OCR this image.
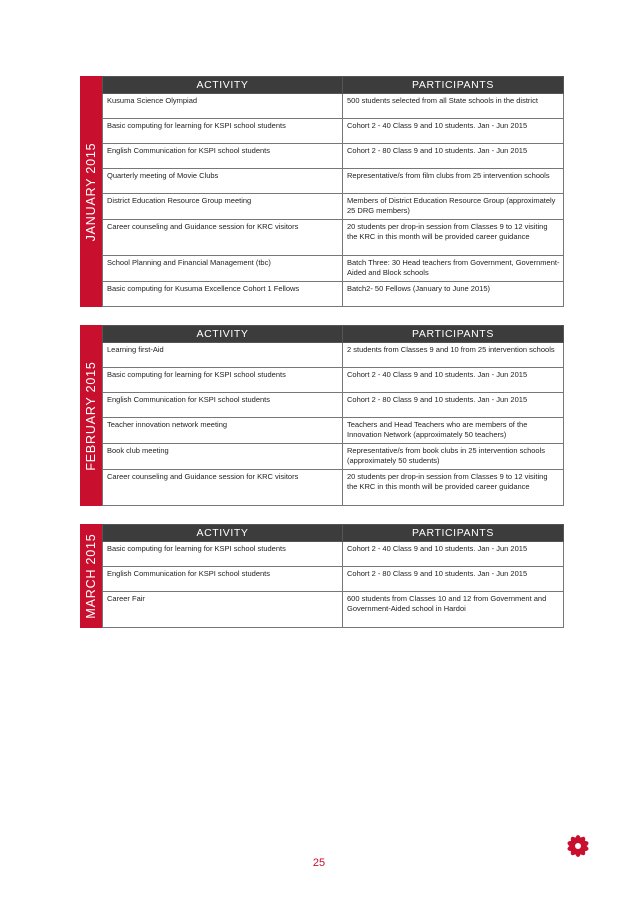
JANUARY 2015
ACTIVITY	PARTICIPANTS
Kusuma Science Olympiad	500 students selected from all State schools in the district
Basic computing for learning for KSPI school students	Cohort 2 - 40 Class 9 and 10 students. Jan - Jun 2015
English Communication for KSPI school students	Cohort 2 - 80 Class 9 and 10 students. Jan - Jun 2015
Quarterly meeting of Movie Clubs	Representative/s from film clubs from 25 intervention schools
District Education Resource Group meeting	Members of District Education Resource Group (approximately 25 DRG members)
Career counseling and Guidance session for KRC visitors	20 students per drop-in session from Classes 9 to 12 visiting the KRC in this month will be provided career guidance
School Planning and Financial Management (tbc)	Batch Three: 30 Head teachers from Government, Government-Aided and Block schools
Basic computing for Kusuma Excellence Cohort 1 Fellows	Batch2- 50 Fellows (January to June 2015)
FEBRUARY 2015
ACTIVITY	PARTICIPANTS
Learning first-Aid	2 students from Classes 9 and 10 from 25 intervention schools
Basic computing for learning for KSPI school students	Cohort 2 - 40 Class 9 and 10 students. Jan - Jun 2015
English Communication for KSPI school students	Cohort 2 - 80 Class 9 and 10 students. Jan - Jun 2015
Teacher innovation network meeting	Teachers and Head Teachers who are members of the Innovation Network (approximately 50 teachers)
Book club meeting	Representative/s from book clubs in 25 intervention schools (approximately 50 students)
Career counseling and Guidance session for KRC visitors	20 students per drop-in session from Classes 9 to 12 visiting the KRC in this month will be provided career guidance
MARCH 2015
ACTIVITY	PARTICIPANTS
Basic computing for learning for KSPI school students	Cohort 2 - 40 Class 9 and 10 students. Jan - Jun 2015
English Communication for KSPI school students	Cohort 2 - 80 Class 9 and 10 students. Jan - Jun 2015
Career Fair	600 students from Classes 10 and 12 from Government and Government-Aided school in Hardoi
25
